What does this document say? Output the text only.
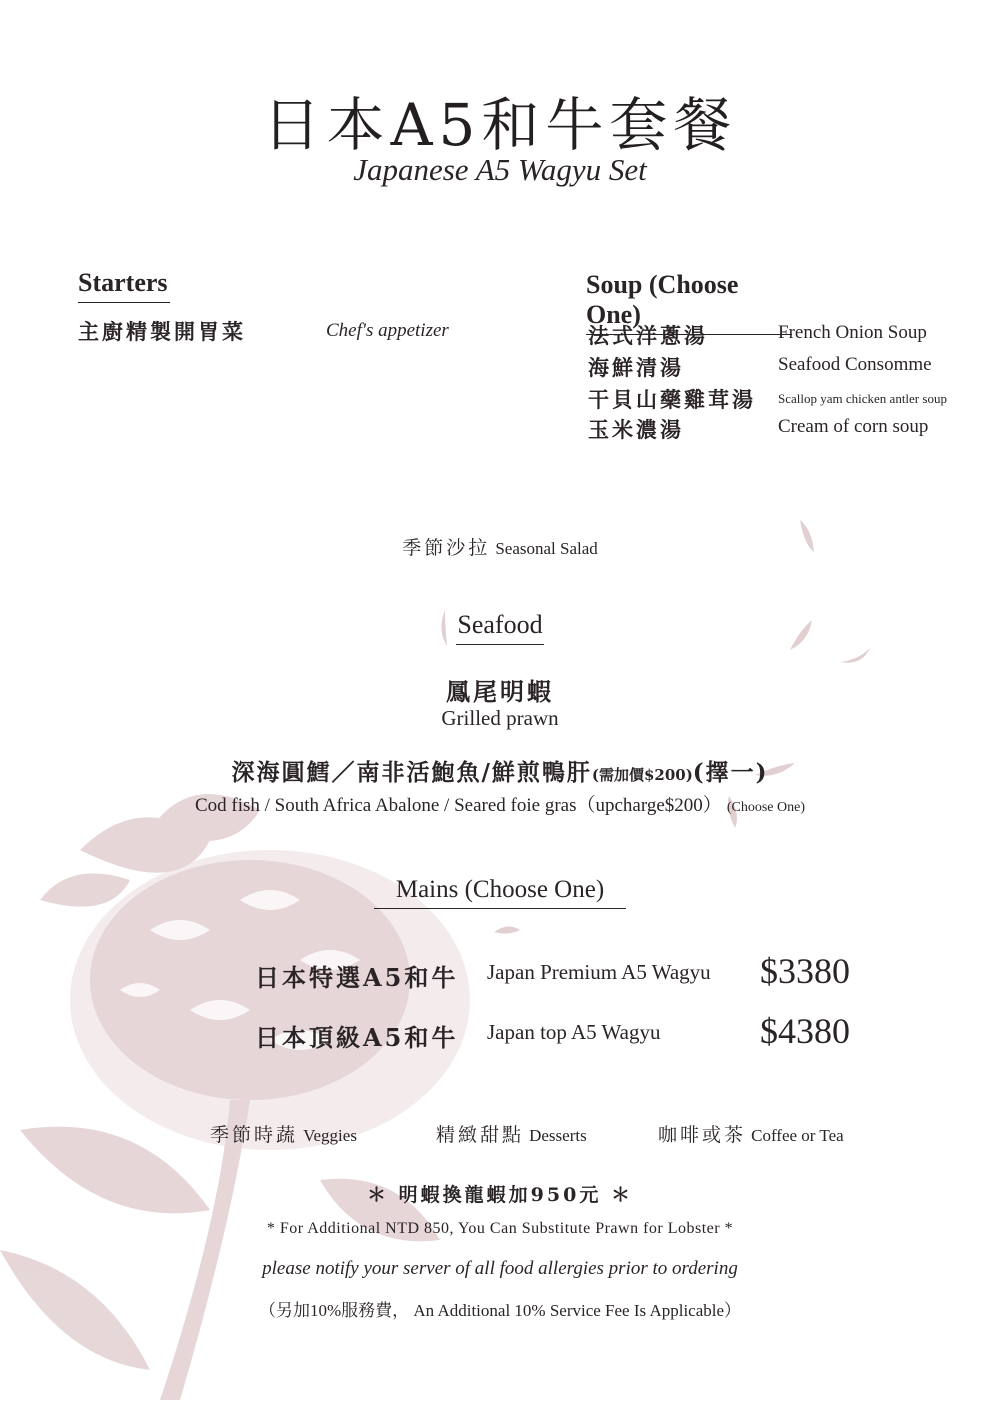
日本A5和牛套餐
Japanese A5 Wagyu Set
Starters
主廚精製開胃菜	Chef's appetizer
Soup (Choose One)
法式洋蔥湯	French Onion Soup
海鮮清湯	Seafood Consomme
干貝山藥雞茸湯 Scallop yam chicken antler soup
玉米濃湯	Cream of corn soup
季節沙拉 Seasonal Salad
Seafood
鳳尾明蝦
Grilled prawn
深海圓鱈／南非活鮑魚/鮮煎鴨肝(需加價$200)(擇一)
Cod fish / South Africa Abalone / Seared foie gras（upcharge$200） (Choose One)
Mains (Choose One)
日本特選A5和牛 Japan Premium A5 Wagyu $3380
日本頂級A5和牛 Japan top A5 Wagyu	$4380
季節時蔬 Veggies	精緻甜點 Desserts	咖啡或茶 Coffee or Tea
＊ 明蝦換龍蝦加950元 ＊
* For Additional NTD 850, You Can Substitute Prawn for Lobster *
please notify your server of all food allergies prior to ordering
（另加10%服務費， An Additional 10% Service Fee Is Applicable）
